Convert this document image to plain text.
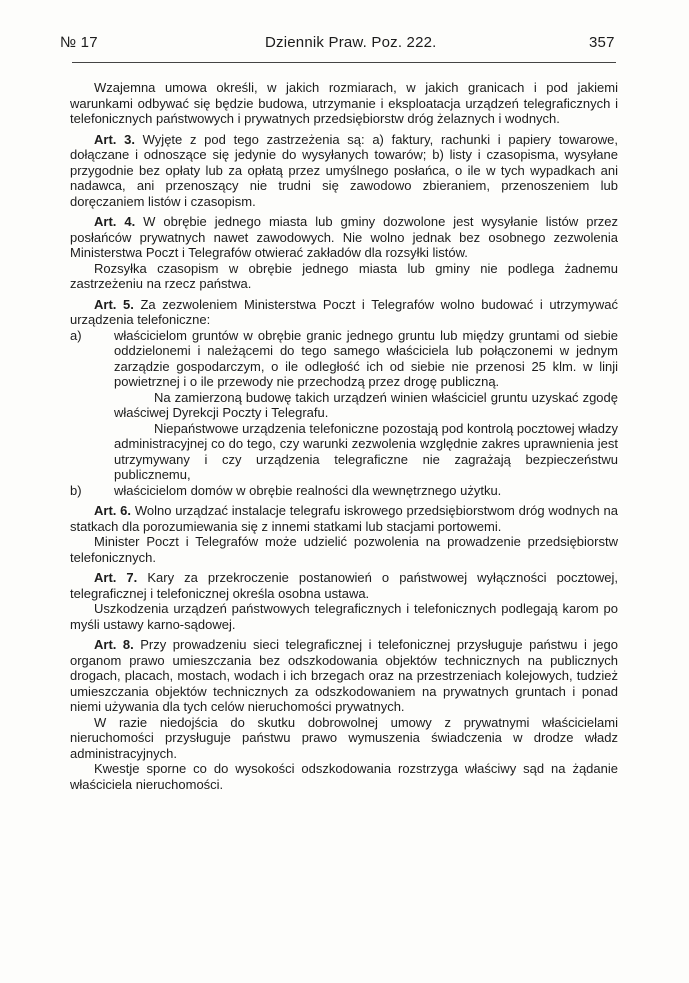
№ 17	Dziennik Praw. Poz. 222.	357

Wzajemna umowa określi, w jakich rozmiarach, w jakich granicach i pod jakiemi warunkami odbywać się będzie budowa, utrzymanie i eksploatacja urządzeń telegraficznych i telefonicznych państwowych i prywatnych przedsiębiorstw dróg żelaznych i wodnych.

Art. 3. Wyjęte z pod tego zastrzeżenia są: a) faktury, rachunki i papiery towarowe, dołączane i odnoszące się jedynie do wysyłanych towarów; b) listy i czasopisma, wysyłane przygodnie bez opłaty lub za opłatą przez umyślnego posłańca, o ile w tych wypadkach ani nadawca, ani przenoszący nie trudni się zawodowo zbieraniem, przenoszeniem lub doręczaniem listów i czasopism.

Art. 4. W obrębie jednego miasta lub gminy dozwolone jest wysyłanie listów przez posłańców prywatnych nawet zawodowych. Nie wolno jednak bez osobnego zezwolenia Ministerstwa Poczt i Telegrafów otwierać zakładów dla rozsyłki listów.

Rozsyłka czasopism w obrębie jednego miasta lub gminy nie podlega żadnemu zastrzeżeniu na rzecz państwa.

Art. 5. Za zezwoleniem Ministerstwa Poczt i Telegrafów wolno budować i utrzymywać urządzenia telefoniczne:

a)	właścicielom gruntów w obrębie granic jednego gruntu lub między gruntami od siebie oddzielonemi i należącemi do tego samego właściciela lub połączonemi w jednym zarządzie gospodarczym, o ile odległość ich od siebie nie przenosi 25 klm. w linji powietrznej i o ile przewody nie przechodzą przez drogę publiczną.

Na zamierzoną budowę takich urządzeń winien właściciel gruntu uzyskać zgodę właściwej Dyrekcji Poczty i Telegrafu.

Niepaństwowe urządzenia telefoniczne pozostają pod kontrolą pocztowej władzy administracyjnej co do tego, czy warunki zezwolenia względnie zakres uprawnienia jest utrzymywany i czy urządzenia telegraficzne nie zagrażają bezpieczeństwu publicznemu,

b)	właścicielom domów w obrębie realności dla wewnętrznego użytku.

Art. 6. Wolno urządzać instalacje telegrafu iskrowego przedsiębiorstwom dróg wodnych na statkach dla porozumiewania się z innemi statkami lub stacjami portowemi.

Minister Poczt i Telegrafów może udzielić pozwolenia na prowadzenie przedsiębiorstw telefonicznych.

Art. 7. Kary za przekroczenie postanowień o państwowej wyłączności pocztowej, telegraficznej i telefonicznej określa osobna ustawa.

Uszkodzenia urządzeń państwowych telegraficznych i telefonicznych podlegają karom po myśli ustawy karno-sądowej.

Art. 8. Przy prowadzeniu sieci telegraficznej i telefonicznej przysługuje państwu i jego organom prawo umieszczania bez odszkodowania objektów technicznych na publicznych drogach, placach, mostach, wodach i ich brzegach oraz na przestrzeniach kolejowych, tudzież umieszczania objektów technicznych za odszkodowaniem na prywatnych gruntach i ponad niemi używania dla tych celów nieruchomości prywatnych.

W razie niedojścia do skutku dobrowolnej umowy z prywatnymi właścicielami nieruchomości przysługuje państwu prawo wymuszenia świadczenia w drodze władz administracyjnych.

Kwestje sporne co do wysokości odszkodowania rozstrzyga właściwy sąd na żądanie właściciela nieruchomości.
